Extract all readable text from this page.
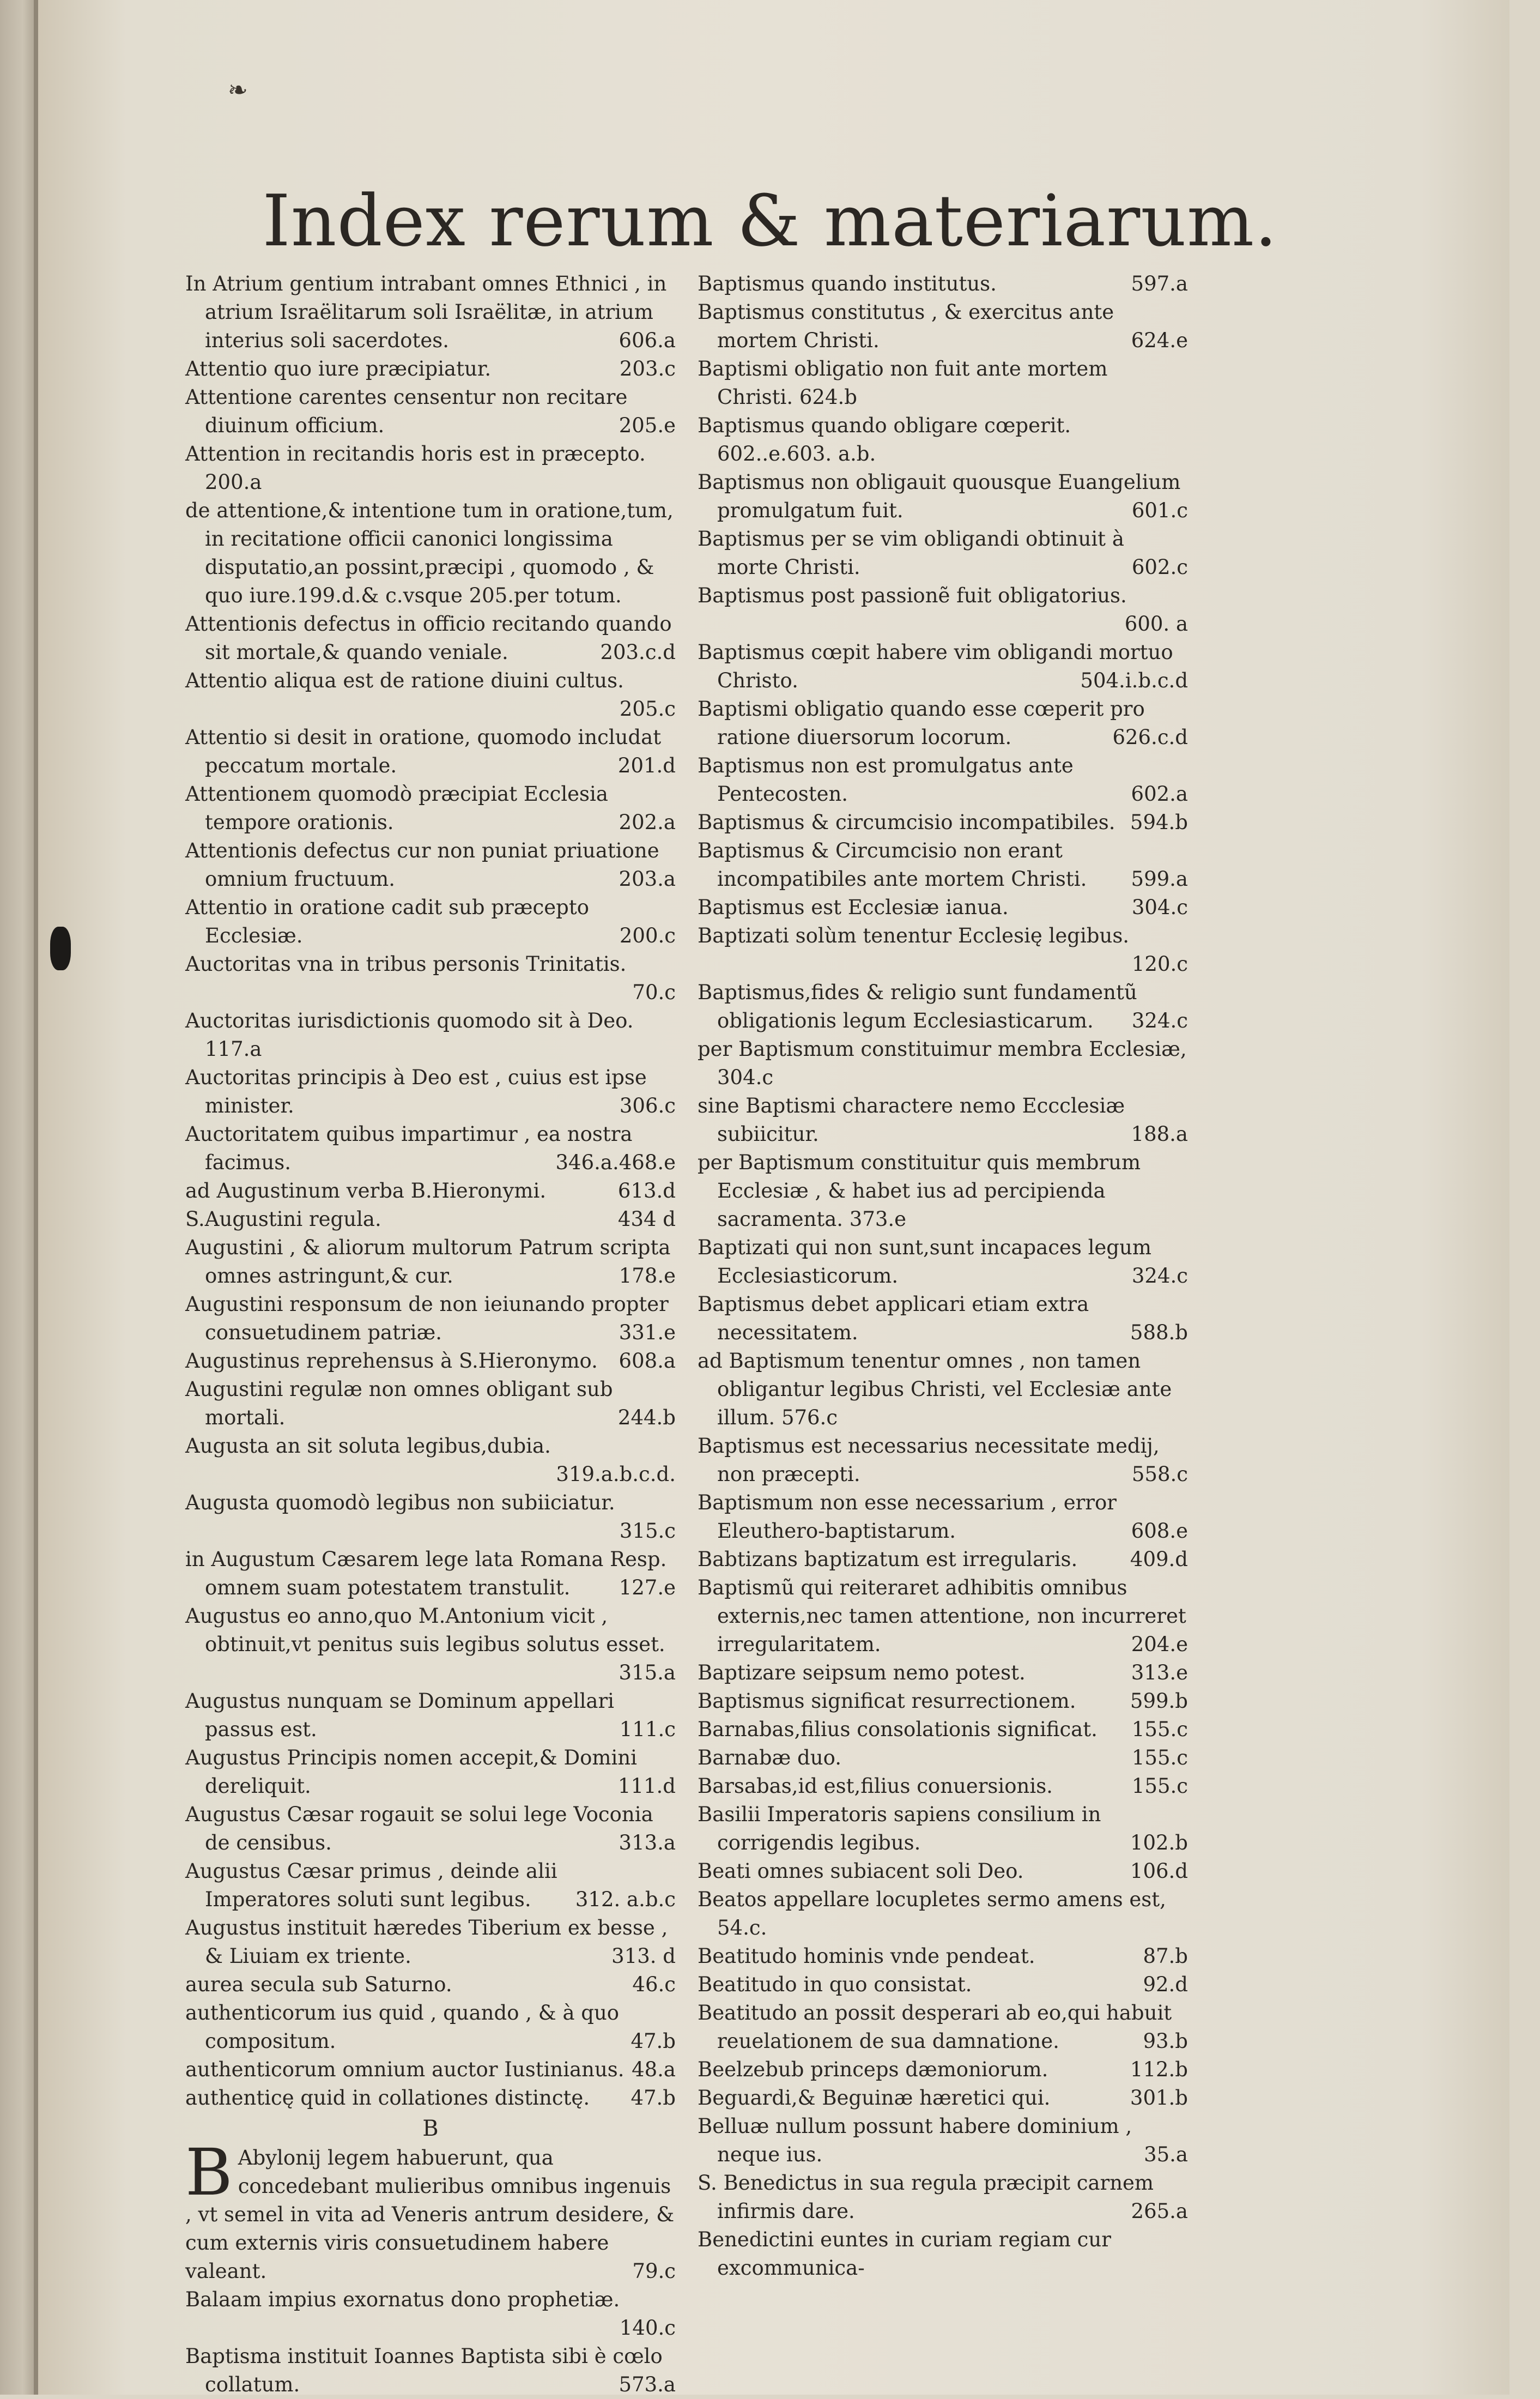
❧
Index rerum & materiarum.

In Atrium gentium intrabant omnes Ethnici , in atrium Israëlitarum soli Israëlitæ, in atrium interius soli sacerdotes.	606.a

Attentio quo iure præcipiatur.	203.c

Attentione carentes censentur non recitare diuinum officium.	205.e

Attention in recitandis horis est in præcepto. 200.a

de attentione,& intentione tum in oratione,tum, in recitatione officii canonici longissima disputatio,an possint,præcipi , quomodo , & quo iure.199.d.& c.vsque 205.per totum.

Attentionis defectus in officio recitando quando sit mortale,& quando veniale.	203.c.d

Attentio aliqua est de ratione diuini cultus.
205.c

Attentio si desit in oratione, quomodo includat peccatum mortale.	201.d

Attentionem quomodò præcipiat Ecclesia tempore orationis.	202.a

Attentionis defectus cur non puniat priuatione omnium fructuum.	203.a

Attentio in oratione cadit sub præcepto Ecclesiæ.	200.c

Auctoritas vna in tribus personis Trinitatis.
70.c

Auctoritas iurisdictionis quomodo sit à Deo. 117.a

Auctoritas principis à Deo est , cuius est ipse minister.	306.c

Auctoritatem quibus impartimur , ea nostra facimus.	346.a.468.e

ad Augustinum verba B.Hieronymi.	613.d

S.Augustini regula.	434 d

Augustini , & aliorum multorum Patrum scripta omnes astringunt,& cur.	178.e

Augustini responsum de non ieiunando propter consuetudinem patriæ.	331.e

Augustinus reprehensus à S.Hieronymo.	608.a

Augustini regulæ non omnes obligant sub mortali.	244.b

Augusta an sit soluta legibus,dubia.
319.a.b.c.d.

Augusta quomodò legibus non subiiciatur.
315.c

in Augustum Cæsarem lege lata Romana Resp. omnem suam potestatem transtulit.	127.e

Augustus eo anno,quo M.Antonium vicit , obtinuit,vt penitus suis legibus solutus esset.
315.a

Augustus nunquam se Dominum appellari passus est.	111.c

Augustus Principis nomen accepit,& Domini dereliquit.	111.d

Augustus Cæsar rogauit se solui lege Voconia de censibus.	313.a

Augustus Cæsar primus , deinde alii Imperatores soluti sunt legibus.	312. a.b.c

Augustus instituit hæredes Tiberium ex besse , & Liuiam ex triente.	313. d

aurea secula sub Saturno.	46.c

authenticorum ius quid , quando , & à quo compositum.	47.b

authenticorum omnium auctor Iustinianus. 48.a

authenticę quid in collationes distinctę.	47.b

B

B Abylonij legem habuerunt, qua concedebant mulieribus omnibus ingenuis , vt semel in vita ad Veneris antrum desidere, & cum externis viris consuetudinem habere valeant.	79.c

Balaam impius exornatus dono prophetiæ.
140.c

Baptisma instituit Ioannes Baptista sibi è cœlo collatum.	573.a

Baptismus quando institutus.	597.a

Baptismus constitutus , & exercitus ante mortem Christi.	624.e

Baptismi obligatio non fuit ante mortem Christi. 624.b

Baptismus quando obligare cœperit. 602..e.603. a.b.

Baptismus non obligauit quousque Euangelium promulgatum fuit.	601.c

Baptismus per se vim obligandi obtinuit à morte Christi.	602.c

Baptismus post passionẽ fuit obligatorius.
600. a

Baptismus cœpit habere vim obligandi mortuo Christo.	504.i.b.c.d

Baptismi obligatio quando esse cœperit pro ratione diuersorum locorum.	626.c.d

Baptismus non est promulgatus ante Pentecosten.	602.a

Baptismus & circumcisio incompatibiles. 594.b

Baptismus & Circumcisio non erant incompatibiles ante mortem Christi.	599.a

Baptismus est Ecclesiæ ianua.	304.c

Baptizati solùm tenentur Ecclesię legibus.
120.c

Baptismus,fides & religio sunt fundamentũ obligationis legum Ecclesiasticarum.	324.c

per Baptismum constituimur membra Ecclesiæ, 304.c

sine Baptismi charactere nemo Eccclesiæ subiicitur.	188.a

per Baptismum constituitur quis membrum Ecclesiæ , & habet ius ad percipienda sacramenta. 373.e

Baptizati qui non sunt,sunt incapaces legum Ecclesiasticorum.	324.c

Baptismus debet applicari etiam extra necessitatem.	588.b

ad Baptismum tenentur omnes , non tamen obligantur legibus Christi, vel Ecclesiæ ante illum. 576.c

Baptismus est necessarius necessitate medij, non præcepti.	558.c

Baptismum non esse necessarium , error Eleuthero-baptistarum.	608.e

Babtizans baptizatum est irregularis.	409.d

Baptismũ qui reiteraret adhibitis omnibus externis,nec tamen attentione, non incurreret irregularitatem.	204.e

Baptizare seipsum nemo potest.	313.e

Baptismus significat resurrectionem.	599.b

Barnabas,filius consolationis significat.	155.c

Barnabæ duo.	155.c

Barsabas,id est,filius conuersionis.	155.c

Basilii Imperatoris sapiens consilium in corrigendis legibus.	102.b

Beati omnes subiacent soli Deo.	106.d

Beatos appellare locupletes sermo amens est, 54.c.

Beatitudo hominis vnde pendeat.	87.b

Beatitudo in quo consistat.	92.d

Beatitudo an possit desperari ab eo,qui habuit reuelationem de sua damnatione.	93.b

Beelzebub princeps dæmoniorum.	112.b

Beguardi,& Beguinæ hæretici qui.	301.b

Belluæ nullum possunt habere dominium , neque ius.	35.a

S. Benedictus in sua regula præcipit carnem infirmis dare.	265.a

Benedictini euntes in curiam regiam cur excommunica-
